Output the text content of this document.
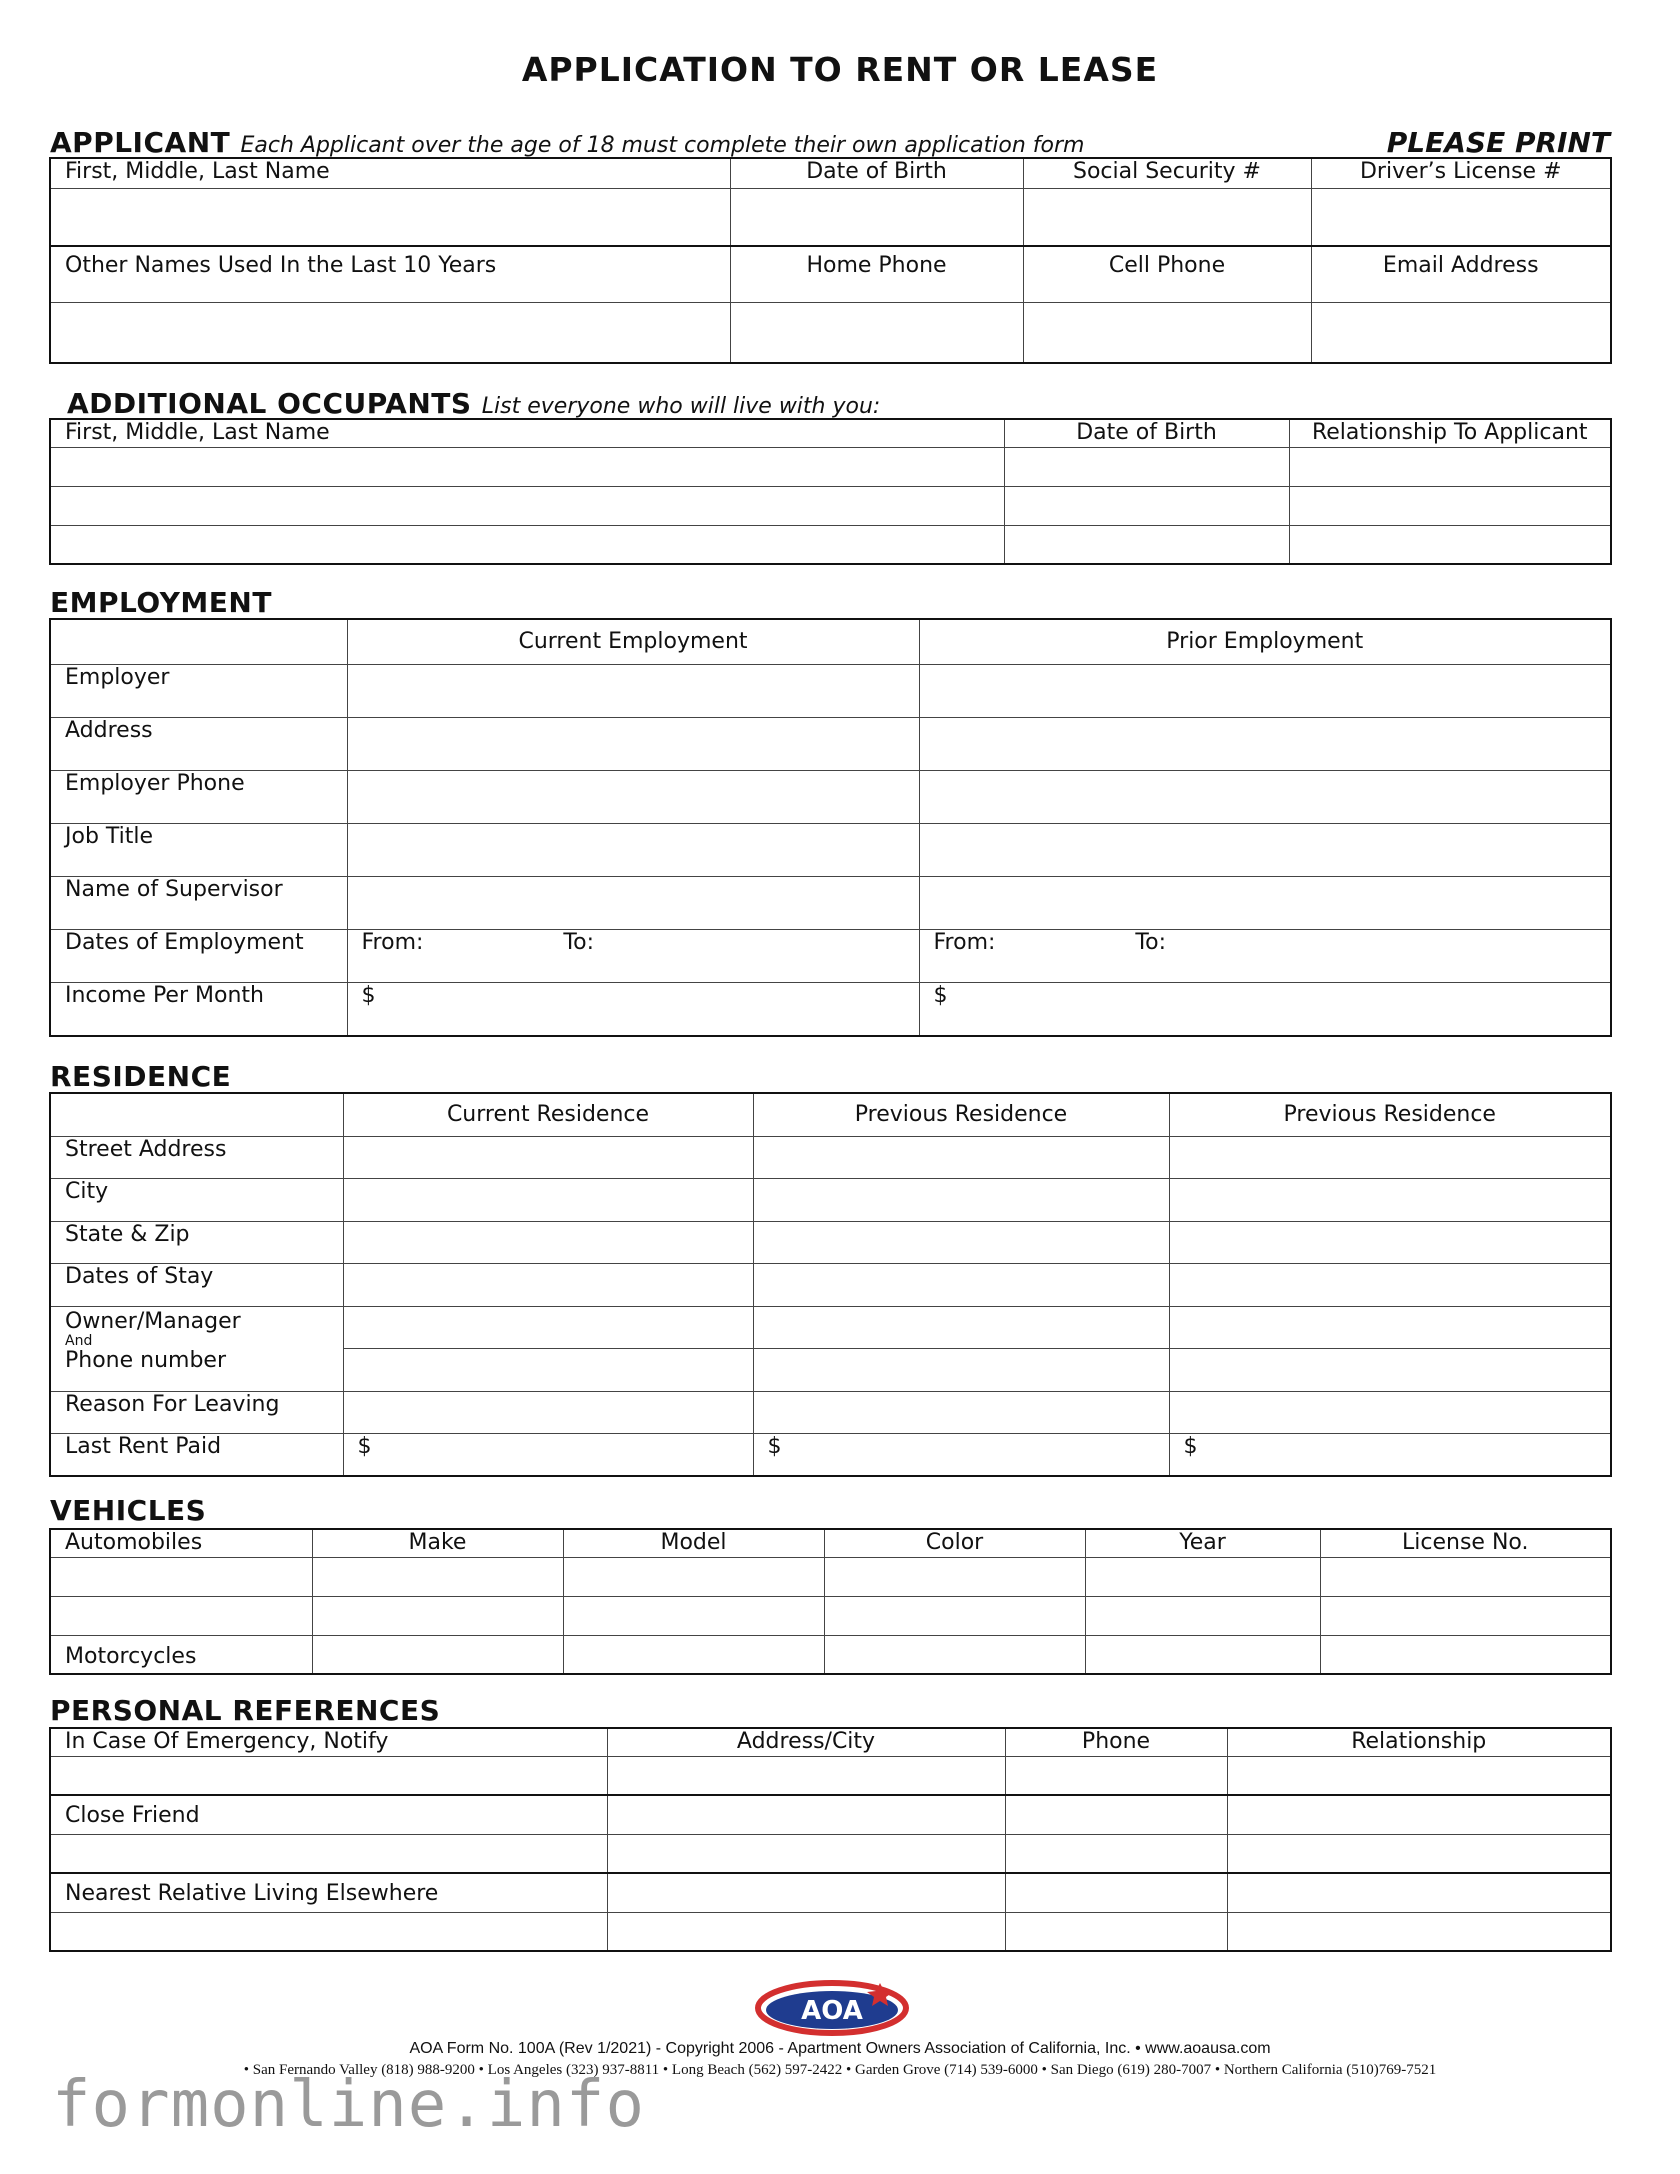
APPLICATION TO RENT OR LEASE
APPLICANT Each Applicant over the age of 18 must complete their own application form	PLEASE PRINT
First, Middle, Last Name	Date of Birth	Social Security #	Driver’s License #

Other Names Used In the Last 10 Years	Home Phone	Cell Phone	Email Address

ADDITIONAL OCCUPANTS List everyone who will live with you:
First, Middle, Last Name	Date of Birth	Relationship To Applicant

EMPLOYMENT
	Current Employment	Prior Employment
Employer		
Address		
Employer Phone		
Job Title		
Name of Supervisor		
Dates of Employment	From: To:	From: To:
Income Per Month	$	$
RESIDENCE
	Current Residence	Previous Residence	Previous Residence
Street Address			
City			
State & Zip			
Dates of Stay			
Owner/Manager
And
Phone number			

Reason For Leaving			
Last Rent Paid	$	$	$
VEHICLES
Automobiles	Make	Model	Color	Year	License No.

Motorcycles					
PERSONAL REFERENCES
In Case Of Emergency, Notify	Address/City	Phone	Relationship

Close Friend			

Nearest Relative Living Elsewhere			

AOA
AOA Form No. 100A (Rev 1/2021) - Copyright 2006 - Apartment Owners Association of California, Inc. • www.aoausa.com
• San Fernando Valley (818) 988-9200 • Los Angeles (323) 937-8811 • Long Beach (562) 597-2422 • Garden Grove (714) 539-6000 • San Diego (619) 280-7007 • Northern California (510)769-7521
formonline.info
